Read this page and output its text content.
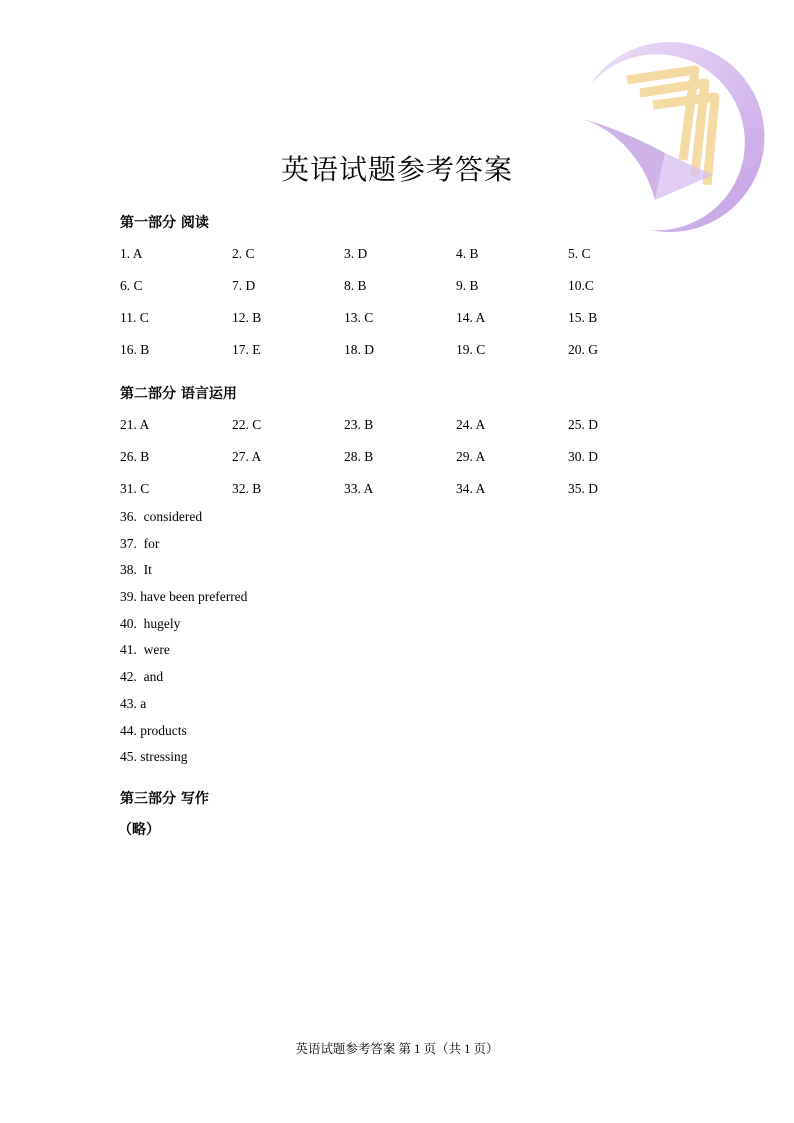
英语试题参考答案
第一部分 阅读
1. A	2. C	3. D	4. B	5. C
6. C	7. D	8. B	9. B	10.C
11. C	12. B	13. C	14. A	15. B
16. B	17. E	18. D	19. C	20. G
第二部分 语言运用
21. A	22. C	23. B	24. A	25. D
26. B	27. A	28. B	29. A	30. D
31. C	32. B	33. A	34. A	35. D
36.  considered
37.  for
38.  It
39. have been preferred
40.  hugely
41.  were
42.  and
43. a
44. products
45. stressing
第三部分 写作
（略）
英语试题参考答案 第 1 页（共 1 页）
